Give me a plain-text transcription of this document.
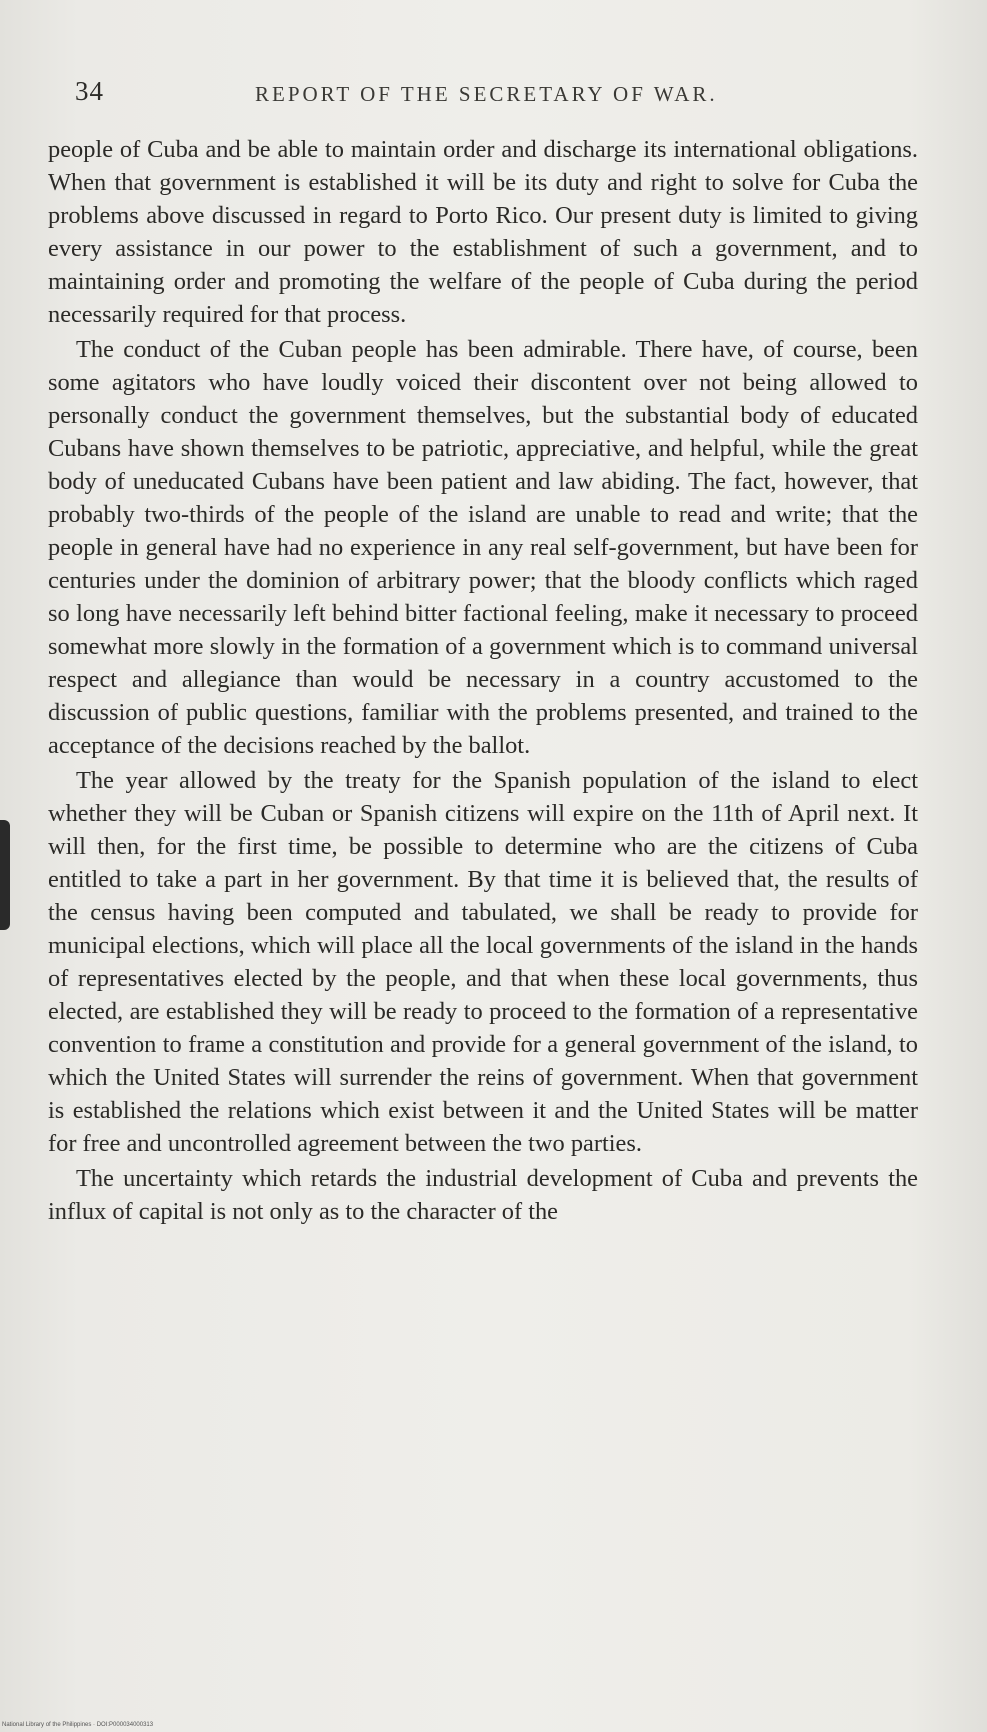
34	REPORT OF THE SECRETARY OF WAR.

people of Cuba and be able to maintain order and discharge its international obligations. When that government is established it will be its duty and right to solve for Cuba the problems above discussed in regard to Porto Rico. Our present duty is limited to giving every assistance in our power to the establishment of such a government, and to maintaining order and promoting the welfare of the people of Cuba during the period necessarily required for that process.

The conduct of the Cuban people has been admirable. There have, of course, been some agitators who have loudly voiced their discontent over not being allowed to personally conduct the government themselves, but the substantial body of educated Cubans have shown themselves to be patriotic, appreciative, and helpful, while the great body of uneducated Cubans have been patient and law abiding. The fact, however, that probably two-thirds of the people of the island are unable to read and write; that the people in general have had no experience in any real self-government, but have been for centuries under the dominion of arbitrary power; that the bloody conflicts which raged so long have necessarily left behind bitter factional feeling, make it necessary to proceed somewhat more slowly in the formation of a government which is to command universal respect and allegiance than would be necessary in a country accustomed to the discussion of public questions, familiar with the problems presented, and trained to the acceptance of the decisions reached by the ballot.

The year allowed by the treaty for the Spanish population of the island to elect whether they will be Cuban or Spanish citizens will expire on the 11th of April next. It will then, for the first time, be possible to determine who are the citizens of Cuba entitled to take a part in her government. By that time it is believed that, the results of the census having been computed and tabulated, we shall be ready to provide for municipal elections, which will place all the local governments of the island in the hands of representatives elected by the people, and that when these local governments, thus elected, are established they will be ready to proceed to the formation of a representative convention to frame a constitution and provide for a general government of the island, to which the United States will surrender the reins of government. When that government is established the relations which exist between it and the United States will be matter for free and uncontrolled agreement between the two parties.

The uncertainty which retards the industrial development of Cuba and prevents the influx of capital is not only as to the character of the

National Library of the Philippines · DOI:P000034000313
